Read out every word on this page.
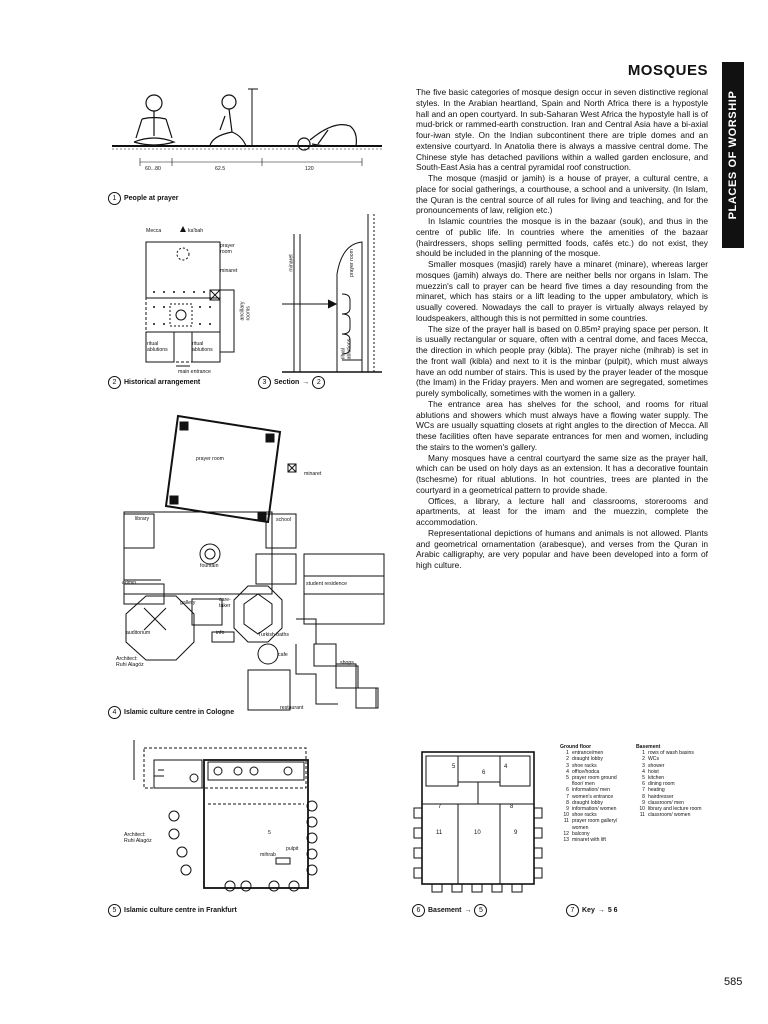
MOSQUES
PLACES OF WORSHIP

The five basic categories of mosque design occur in seven distinctive regional styles. In the Arabian heartland, Spain and North Africa there is a hypostyle hall and an open courtyard. In sub-Saharan West Africa the hypostyle hall is of mud-brick or rammed-earth construction. Iran and Central Asia have a bi-axial four-iwan style. On the Indian subcontinent there are triple domes and an extensive courtyard. In Anatolia there is always a massive central dome. The Chinese style has detached pavilions within a walled garden enclosure, and South-East Asia has a central pyramidal roof construction.

The mosque (masjid or jamih) is a house of prayer, a cultural centre, a place for social gatherings, a courthouse, a school and a university. (In Islam, the Quran is the central source of all rules for living and teaching, and for the pronouncements of law, religion etc.)

In Islamic countries the mosque is in the bazaar (souk), and thus in the centre of public life. In countries where the amenities of the bazaar (hairdressers, shops selling permitted foods, cafés etc.) do not exist, they should be included in the planning of the mosque.

Smaller mosques (masjid) rarely have a minaret (minare), whereas larger mosques (jamih) always do. There are neither bells nor organs in Islam. The muezzin's call to prayer can be heard five times a day resounding from the minaret, which has stairs or a lift leading to the upper ambulatory, which is usually covered. Nowadays the call to prayer is virtually always relayed by loudspeakers, although this is not permitted in some countries.

The size of the prayer hall is based on 0.85m² praying space per person. It is usually rectangular or square, often with a central dome, and faces Mecca, the direction in which people pray (kibla). The prayer niche (mihrab) is set in the front wall (kibla) and next to it is the minbar (pulpit), which must always have an odd number of stairs. This is used by the prayer leader of the mosque (the Imam) in the Friday prayers. Men and women are segregated, sometimes purely symbolically, sometimes with the women in a gallery.

The entrance area has shelves for the school, and rooms for ritual ablutions and showers which must always have a flowing water supply. The WCs are usually squatting closets at right angles to the direction of Mecca. All these facilities often have separate entrances for men and women, including the stairs to the women's gallery.

Many mosques have a central courtyard the same size as the prayer hall, which can be used on holy days as an extension. It has a decorative fountain (tschesme) for ritual ablutions. In hot countries, trees are planted in the courtyard in a geometrical pattern to provide shade.

Offices, a library, a lecture hall and classrooms, storerooms and apartments, at least for the imam and the muezzin, complete the accommodation.

Representational depictions of humans and animals is not allowed. Plants and geometrical ornamentation (arabesque), and verses from the Quran in Arabic calligraphy, are very popular and have been developed into a form of high culture.

60...80	62.5	120
1	People at prayer
Mecca	ka'bah
prayer
room
minaret
ancillary
rooms
ritual
ablutions
ritual
ablutions
main entrance
2	Historical arrangement
minaret	prayer room
ritual
ablutions
3	Section →	2
prayer room
minaret
library	school
fountain
admin.	student residence
gallery	care-
taker
auditorium	info	Turkish baths
cafe
shops
restaurant
Architect:
Ruhi Alagöz
4	Islamic culture centre in Cologne
5
mihrab
pulpit
Architect:
Ruhi Alagöz
5	Islamic culture centre in Frankfurt
6
7	8
11	10	9
5	4
6	Basement →	5
Ground floor
1 entrance/men
2 draught lobby
3 shoe racks
4 office/hodca
5 prayer room ground floor/ men
6 information/ men
7 women's entrance
8 draught lobby
9 information/ women
10 shoe racks
11 prayer room gallery/ women
12 balcony
13 minaret with lift
Basement
1 rows of wash basins
2 WCs
3 shower
4 hoist
5 kitchen
6 dining room
7 heating
8 hairdresser
9 classroom/ men
10 library and lecture room
11 classroom/ women
7	Key → 5 6
585
